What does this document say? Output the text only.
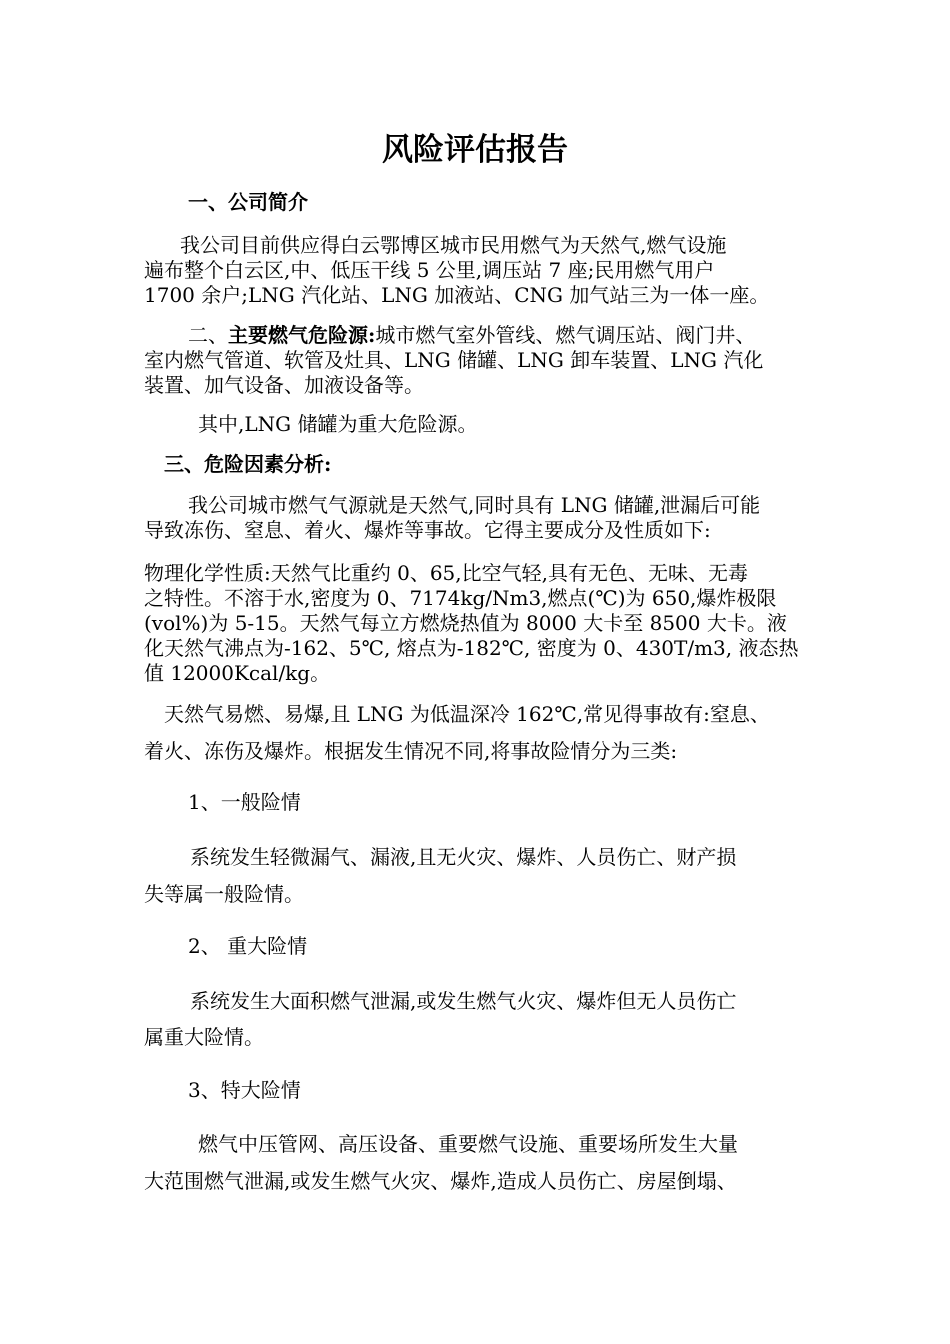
风险评估报告
一、公司简介
我公司目前供应得白云鄂博区城市民用燃气为天然气,燃气设施
遍布整个白云区,中、低压干线 5 公里,调压站 7 座;民用燃气用户
1700 余户;LNG 汽化站、LNG 加液站、CNG 加气站三为一体一座。
二、主要燃气危险源:城市燃气室外管线、燃气调压站、阀门井、
室内燃气管道、软管及灶具、LNG 储罐、LNG 卸车装置、LNG 汽化
装置、加气设备、加液设备等。
其中,LNG 储罐为重大危险源。
三、危险因素分析:
我公司城市燃气气源就是天然气,同时具有 LNG 储罐,泄漏后可能
导致冻伤、窒息、着火、爆炸等事故。它得主要成分及性质如下:
物理化学性质:天然气比重约 0、65,比空气轻,具有无色、无味、无毒
之特性。不溶于水,密度为 0、7174kg/Nm3,燃点(℃)为 650,爆炸极限
(vol%)为 5-15。天然气每立方燃烧热值为 8000 大卡至 8500 大卡。液
化天然气沸点为-162、5℃, 熔点为-182℃, 密度为 0、430T/m3, 液态热
值 12000Kcal/kg。
天然气易燃、易爆,且 LNG 为低温深冷 162℃,常见得事故有:窒息、
着火、冻伤及爆炸。根据发生情况不同,将事故险情分为三类:
1、一般险情
系统发生轻微漏气、漏液,且无火灾、爆炸、人员伤亡、财产损
失等属一般险情。
2、 重大险情
系统发生大面积燃气泄漏,或发生燃气火灾、爆炸但无人员伤亡
属重大险情。
3、特大险情
燃气中压管网、高压设备、重要燃气设施、重要场所发生大量
大范围燃气泄漏,或发生燃气火灾、爆炸,造成人员伤亡、房屋倒塌、
